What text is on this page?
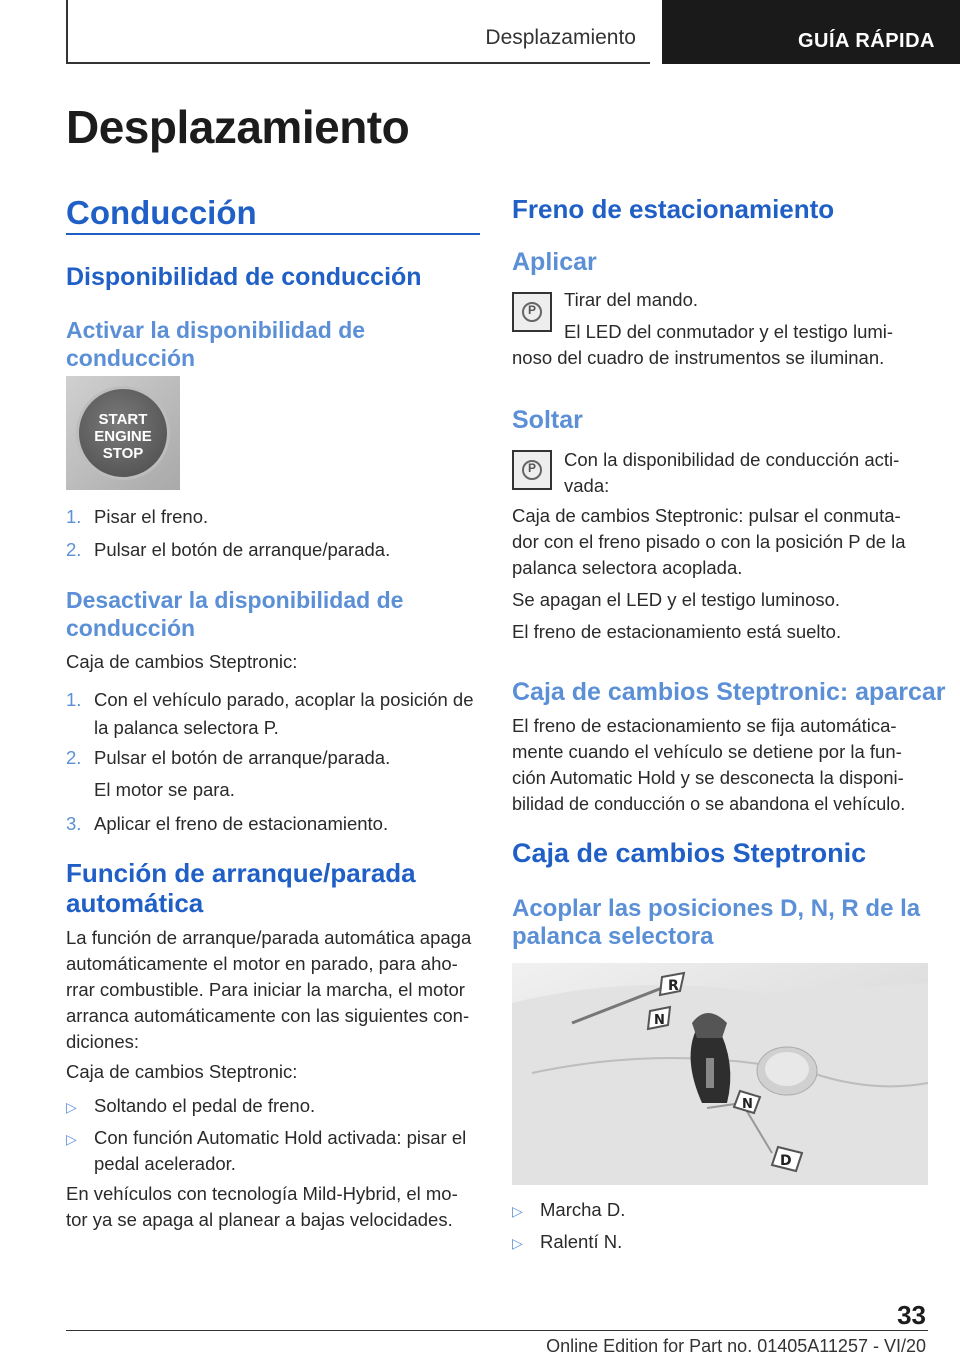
Desplazamiento	GUÍA RÁPIDA
Desplazamiento
Conducción
Disponibilidad de conducción
Activar la disponibilidad de
conducción
START
ENGINE
STOP
1. Pisar el freno.
2. Pulsar el botón de arranque/parada.
Desactivar la disponibilidad de
conducción
Caja de cambios Steptronic:
1. Con el vehículo parado, acoplar la posición de
la palanca selectora P.
2. Pulsar el botón de arranque/parada.
El motor se para.
3. Aplicar el freno de estacionamiento.
Función de arranque/parada
automática
La función de arranque/parada automática apaga
automáticamente el motor en parado, para aho-
rrar combustible. Para iniciar la marcha, el motor
arranca automáticamente con las siguientes con-
diciones:
Caja de cambios Steptronic:
▷ Soltando el pedal de freno.
▷ Con función Automatic Hold activada: pisar el
pedal acelerador.
En vehículos con tecnología Mild-Hybrid, el mo-
tor ya se apaga al planear a bajas velocidades.
Freno de estacionamiento
Aplicar
P	Tirar del mando.
El LED del conmutador y el testigo lumi-
noso del cuadro de instrumentos se iluminan.
Soltar
P	Con la disponibilidad de conducción acti-
vada:
Caja de cambios Steptronic: pulsar el conmuta-
dor con el freno pisado o con la posición P de la
palanca selectora acoplada.
Se apagan el LED y el testigo luminoso.
El freno de estacionamiento está suelto.
Caja de cambios Steptronic: aparcar
El freno de estacionamiento se fija automática-
mente cuando el vehículo se detiene por la fun-
ción Automatic Hold y se desconecta la disponi-
bilidad de conducción o se abandona el vehículo.
Caja de cambios Steptronic
Acoplar las posiciones D, N, R de la
palanca selectora
R
N
N
D
▷ Marcha D.
▷ Ralentí N.
33
Online Edition for Part no. 01405A11257 - VI/20
